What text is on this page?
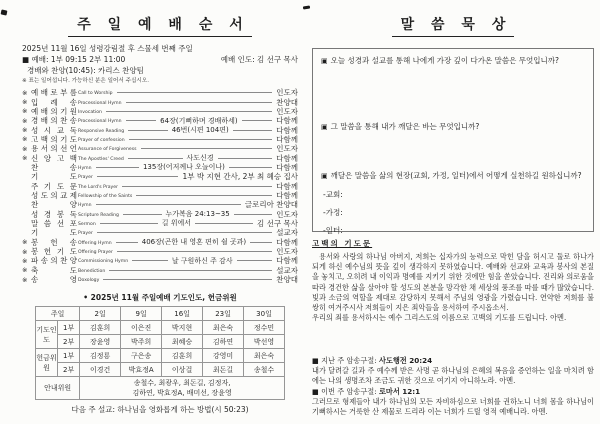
주 일 예 배 순 서
2025년 11월 16일 성령강림절 후 스물세 번째 주일
■ 예배: 1부 09:15 2부 11:00	예배 인도: 김 선구 목사
경배와 찬양(10:45): 카리스 찬양팀
※ 표는 일어섭니다. 가능하신 분은 일어서 주십시오.
※ 예 배 로 부 름 Call to Worship	인도자
※ 입 례 송 Processional Hymn	찬양대
※ 예 배 의 기 원 Invocation	인도자
※ 경 배 의 찬 송 Processional Hymn	64장(기뻐하며 경배하세)	다함께
※ 성 시 교 독 Responsive Reading	46번(시편 104편)	다함께
※ 고 백 의 기 도 Prayer of confession	다함께
※ 용 서 의 선 언 Assurance of Forgiveness	인도자
※ 신 앙 고 백 The Apostles' Creed	사도신경	다함께
찬	송 Hymn	135장(어저께나 오늘이나)	다함께
기	도 Prayer	1부 박 지현 간사, 2부 최 혜승 집사
주 기 도 문 The Lord's Prayer	다함께
성 도 의 교 제 Fellowship of the Saints	다함께
찬	양 Hymn	글로리아 찬양대
성 경 봉 독 Scripture Reading	누가복음 24:13~35	인도자
말 씀 선 포 Sermon	길 위에서	김 선구 목사
기	도 Prayer	설교자
※ 봉 헌 송 Offering Hymn	406장(곤한 내 영혼 편히 쉴 곳과)	다함께
※ 봉 헌 기 도 Offering Prayer	인도자
※ 파 송 의 찬 양 Commissioning Hymn	날 구원하신 주 감사	다함께
※ 축	도 Benediction	설교자
※ 송	영 Doxology	찬양대
• 2025년 11월 주일예배 기도인도, 헌금위원
주일		2일	9일	16일	23일	30일
기도인도	1부	김훈희	이은진	박지현	최은숙	정수민
	2부	장윤영	박주희	최혜승	김하연	박선영
헌금위원	1부	김정룡	구은송	김훈희	강영미	최은숙
	2부	이경건	박효정A	이상걸	최돈길	송철수
안내위원		송철수, 최광우, 최돈길, 김정자,
김하연, 박효정A, 배미선, 장윤영				
다음 주 설교: 하나님을 영화롭게 하는 방법(시 50:23)
말 씀 묵 상
▣ 오늘 성경과 설교를 통해 나에게 가장 깊이 다가온 말씀은 무엇입니까?
▣ 그 말씀을 통해 내가 깨달은 바는 무엇입니까?
▣ 깨달은 말씀을 삶의 현장(교회, 가정, 일터)에서 어떻게 실천하길 원하십니까?
-교회:
-가정:
-일터:
고백의 기도문

용서와 사랑의 하나님 아버지, 저희는 십자가의 능력으로 막힌 담을 허시고 둘로 하나가 되게 하신 예수님의 뜻을 깊이 생각하지 못하였습니다. 예배와 선교와 교육과 봉사의 본질을 놓치고, 오히려 내 이익과 명예를 지키기 위한 것에만 힘을 쏟았습니다. 진리와 의로움을 따라 경건한 삶을 살아야 할 성도의 본분을 망각한 채 세상의 풍조를 따를 때가 많았습니다. 빛과 소금의 역할을 제대로 감당하지 못해서 주님의 영광을 가렸습니다. 연약한 저희를 불쌍히 여겨주시사 저희들이 지은 죄악들을 용서하여 주시옵소서.

우리의 죄를 용서하시는 예수 그리스도의 이름으로 고백의 기도를 드립니다. 아멘.

■ 지난 주 암송구절: 사도행전 20:24
내가 달려갈 길과 주 예수께 받은 사명 곧 하나님의 은혜의 복음을 증언하는 일을 마치려 함에는 나의 생명조차 조금도 귀한 것으로 여기지 아니하노라. 아멘.
■ 이번 주 암송구절: 로마서 12:1
그러므로 형제들아 내가 하나님의 모든 자비하심으로 너희를 권하노니 너희 몸을 하나님이 기뻐하시는 거룩한 산 제물로 드리라 이는 너희가 드릴 영적 예배니라. 아멘.
